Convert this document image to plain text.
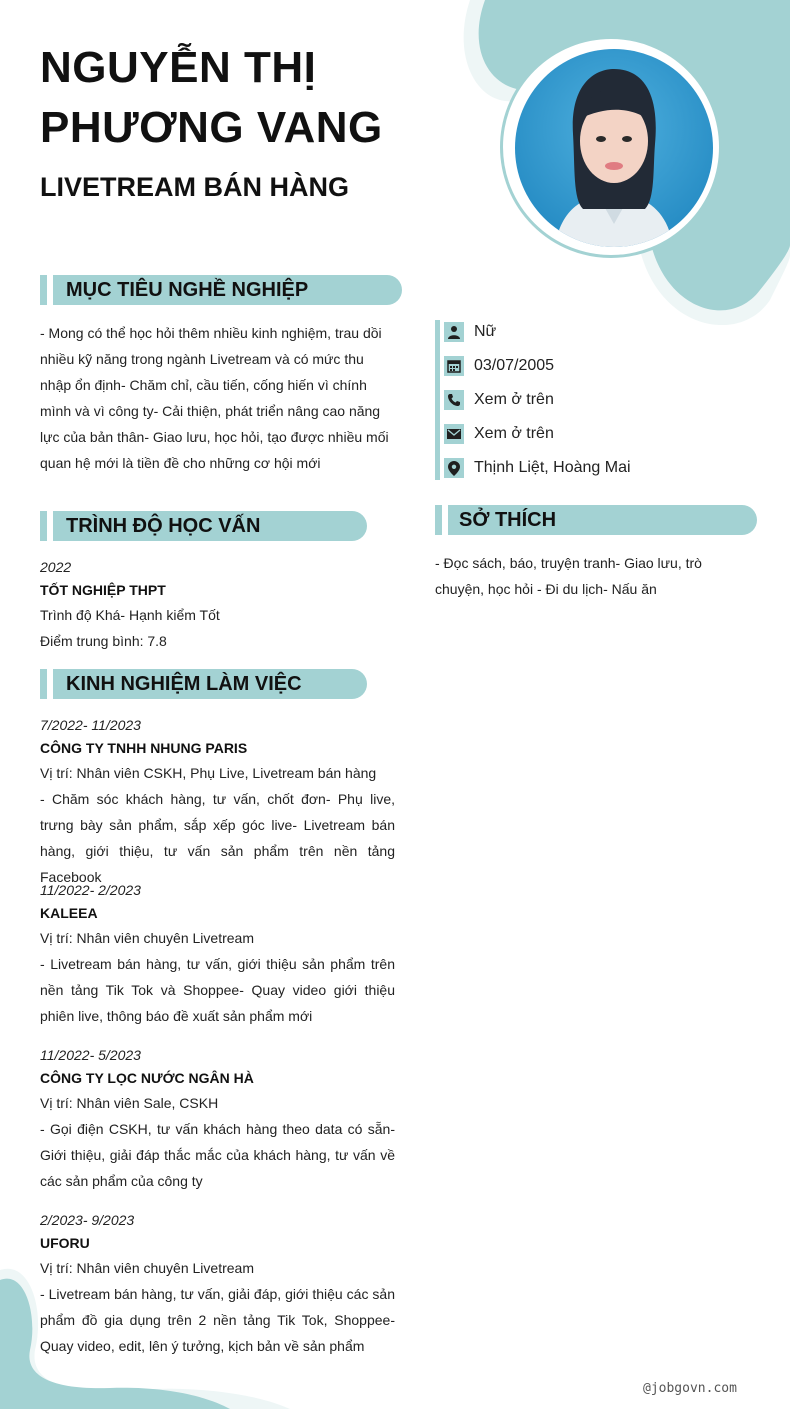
NGUYỄN THỊ
PHƯƠNG VANG
LIVETREAM BÁN HÀNG
MỤC TIÊU NGHỀ NGHIỆP
- Mong có thể học hỏi thêm nhiều kinh nghiệm, trau dồi nhiều kỹ năng trong ngành Livetream và có mức thu nhập ổn định- Chăm chỉ, cầu tiến, cống hiến vì chính mình và vì công ty- Cải thiện, phát triển nâng cao năng lực của bản thân- Giao lưu, học hỏi, tạo được nhiều mối quan hệ mới là tiền đề cho những cơ hội mới
Nữ
03/07/2005
Xem ở trên
Xem ở trên
Thịnh Liệt, Hoàng Mai
SỞ THÍCH
- Đọc sách, báo, truyện tranh- Giao lưu, trò chuyện, học hỏi - Đi du lịch- Nấu ăn
TRÌNH ĐỘ HỌC VẤN
2022
TỐT NGHIỆP THPT
Trình độ Khá- Hạnh kiểm Tốt
Điểm trung bình: 7.8
KINH NGHIỆM LÀM VIỆC
7/2022- 11/2023
CÔNG TY TNHH NHUNG PARIS
Vị trí: Nhân viên CSKH, Phụ Live, Livetream bán hàng
- Chăm sóc khách hàng, tư vấn, chốt đơn- Phụ live, trưng bày sản phẩm, sắp xếp góc live- Livetream bán hàng, giới thiệu, tư vấn sản phẩm trên nền tảng Facebook
11/2022- 2/2023
KALEEA
Vị trí: Nhân viên chuyên Livetream
- Livetream bán hàng, tư vấn, giới thiệu sản phẩm trên nền tảng Tik Tok và Shoppee- Quay video giới thiệu phiên live, thông báo đề xuất sản phẩm mới
11/2022- 5/2023
CÔNG TY LỌC NƯỚC NGÂN HÀ
Vị trí: Nhân viên Sale, CSKH
- Gọi điện CSKH, tư vấn khách hàng theo data có sẵn- Giới thiệu, giải đáp thắc mắc của khách hàng, tư vấn về các sản phẩm của công ty
2/2023- 9/2023
UFORU
Vị trí: Nhân viên chuyên Livetream
- Livetream bán hàng, tư vấn, giải đáp, giới thiệu các sản phẩm đồ gia dụng trên 2 nền tảng Tik Tok, Shoppee- Quay video, edit, lên ý tưởng, kịch bản về sản phẩm
@jobgovn.com
